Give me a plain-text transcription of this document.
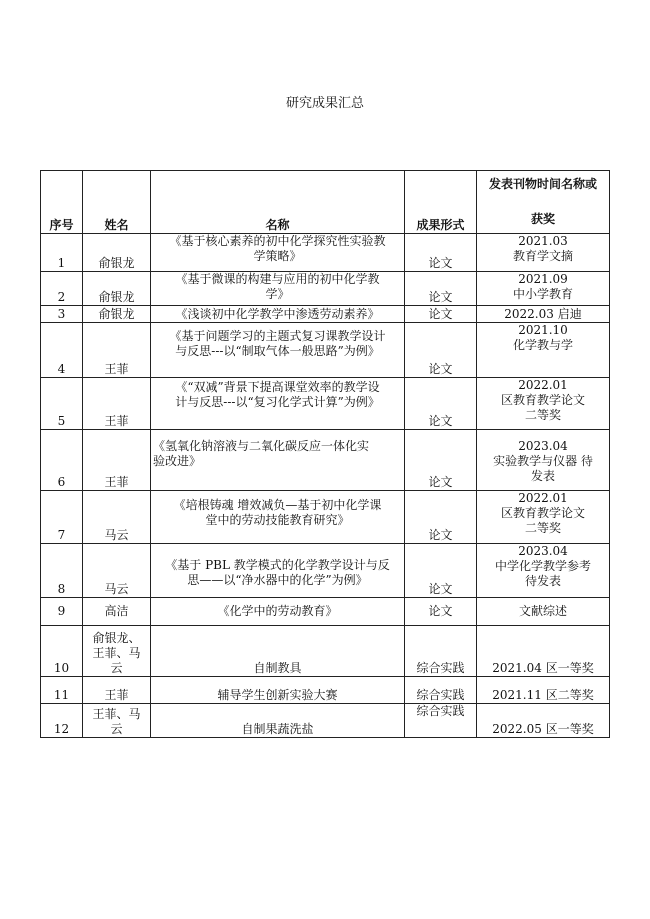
研究成果汇总
序号	姓名	名称	成果形式	发表刊物时间名称或
获奖

1	俞银龙	《基于核心素养的初中化学探究性实验教
学策略》	论文	2021.03
教育学文摘

2	俞银龙	《基于微课的构建与应用的初中化学教
学》	论文	2021.09
中小学教育

3	俞银龙	《浅谈初中化学教学中渗透劳动素养》	论文	2022.03 启迪

4	王菲	《基于问题学习的主题式复习课教学设计
与反思---以“制取气体一般思路”为例》	论文	2021.10
化学教与学

5	王菲	《“双减”背景下提高课堂效率的教学设
计与反思---以“复习化学式计算”为例》	论文	2022.01
区教育教学论文
二等奖

6	王菲	《氢氧化钠溶液与二氧化碳反应一体化实
验改进》	论文	2023.04
实验教学与仪器 待
发表

7	马云	《培根铸魂 增效减负—基于初中化学课
堂中的劳动技能教育研究》	论文	2022.01
区教育教学论文
二等奖

8	马云	《基于 PBL 教学模式的化学教学设计与反
思——以“净水器中的化学”为例》	论文	2023.04
中学化学教学参考
待发表

9	高洁	《化学中的劳动教育》	论文	文献综述

10	俞银龙、
王菲、马
云	自制教具	综合实践	2021.04 区一等奖

11	王菲	辅导学生创新实验大赛	综合实践	2021.11 区二等奖

12	王菲、马
云	自制果蔬洗盐	综合实践	2022.05 区一等奖
